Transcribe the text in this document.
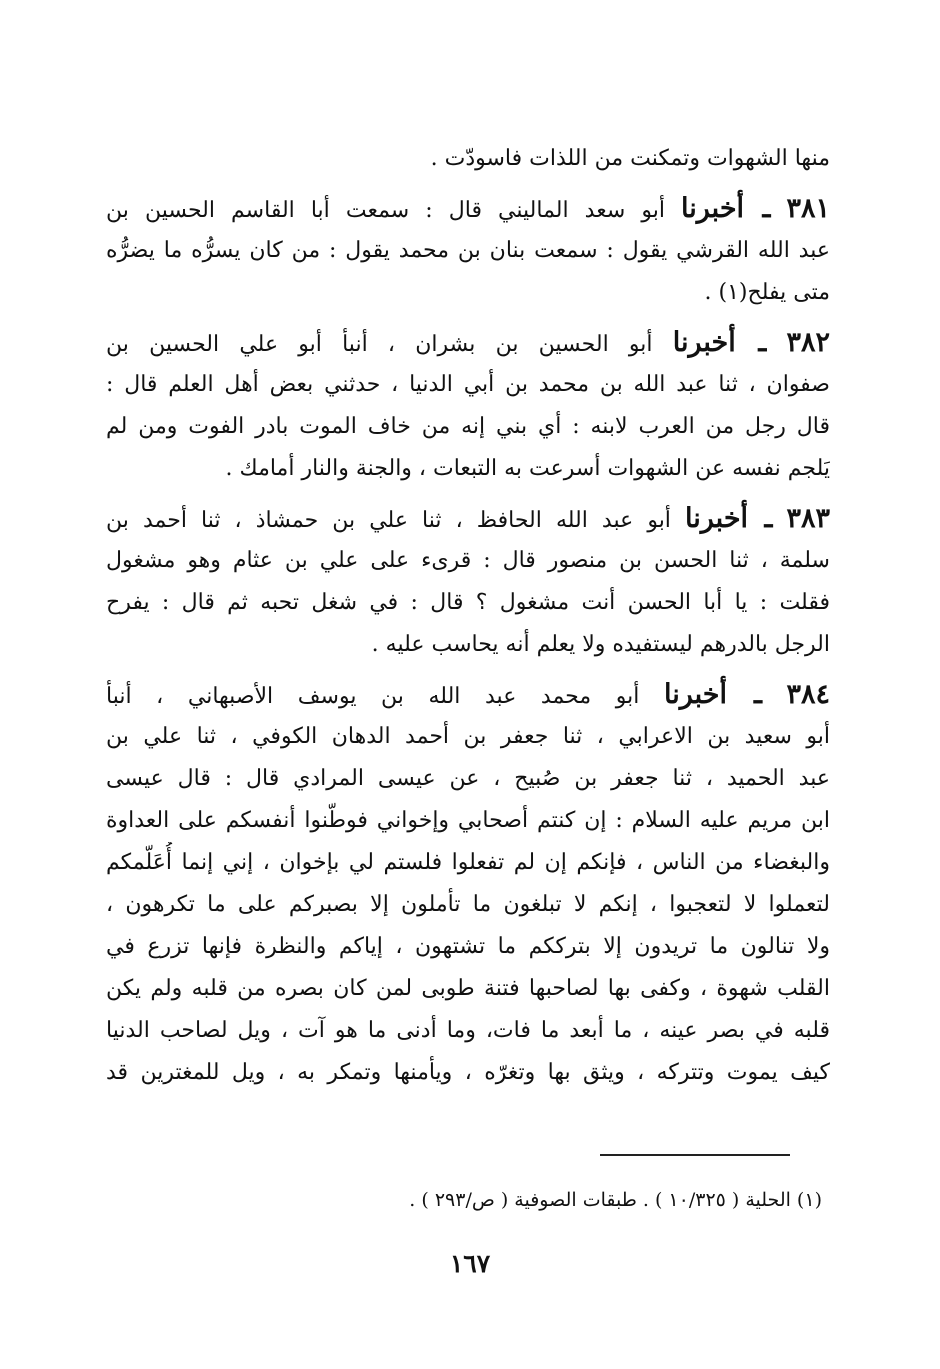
منها الشهوات وتمكنت من اللذات فاسودّت .
٣٨١ ـ أخبرنا أبو سعد الماليني قال : سمعت أبا القاسم الحسين بن
عبد الله القرشي يقول : سمعت بنان بن محمد يقول : من كان يسرُّه ما يضرُّه
متى يفلح(١) .
٣٨٢ ـ أخبرنا أبو الحسين بن بشران ، أنبأ أبو علي الحسين بن
صفوان ، ثنا عبد الله بن محمد بن أبي الدنيا ، حدثني بعض أهل العلم قال :
قال رجل من العرب لابنه : أي بني إنه من خاف الموت بادر الفوت ومن لم
يَلجم نفسه عن الشهوات أسرعت به التبعات ، والجنة والنار أمامك .
٣٨٣ ـ أخبرنا أبو عبد الله الحافظ ، ثنا علي بن حمشاذ ، ثنا أحمد بن
سلمة ، ثنا الحسن بن منصور قال : قرىء على علي بن عثام وهو مشغول
فقلت : يا أبا الحسن أنت مشغول ؟ قال : في شغل تحبه ثم قال : يفرح
الرجل بالدرهم ليستفيده ولا يعلم أنه يحاسب عليه .
٣٨٤ ـ أخبرنا أبو محمد عبد الله بن يوسف الأصبهاني ، أنبأ
أبو سعيد بن الاعرابي ، ثنا جعفر بن أحمد الدهان الكوفي ، ثنا علي بن
عبد الحميد ، ثنا جعفر بن صُبيح ، عن عيسى المرادي قال : قال عيسى
ابن مريم عليه السلام : إن كنتم أصحابي وإخواني فوطّنوا أنفسكم على العداوة
والبغضاء من الناس ، فإنكم إن لم تفعلوا فلستم لي بإخوان ، إني إنما أُعَلّمكم
لتعملوا لا لتعجبوا ، إنكم لا تبلغون ما تأملون إلا بصبركم على ما تكرهون ،
ولا تنالون ما تريدون إلا بترككم ما تشتهون ، إياكم والنظرة فإنها تزرع في
القلب شهوة ، وكفى بها لصاحبها فتنة طوبى لمن كان بصره من قلبه ولم يكن
قلبه في بصر عينه ، ما أبعد ما فات، وما أدنى ما هو آت ، ويل لصاحب الدنيا
كيف يموت وتتركه ، ويثق بها وتغرّه ، ويأمنها وتمكر به ، ويل للمغترين قد
(١) الحلية ( ١٠/٣٢٥ ) . طبقات الصوفية ( ص/٢٩٣ ) .
١٦٧
